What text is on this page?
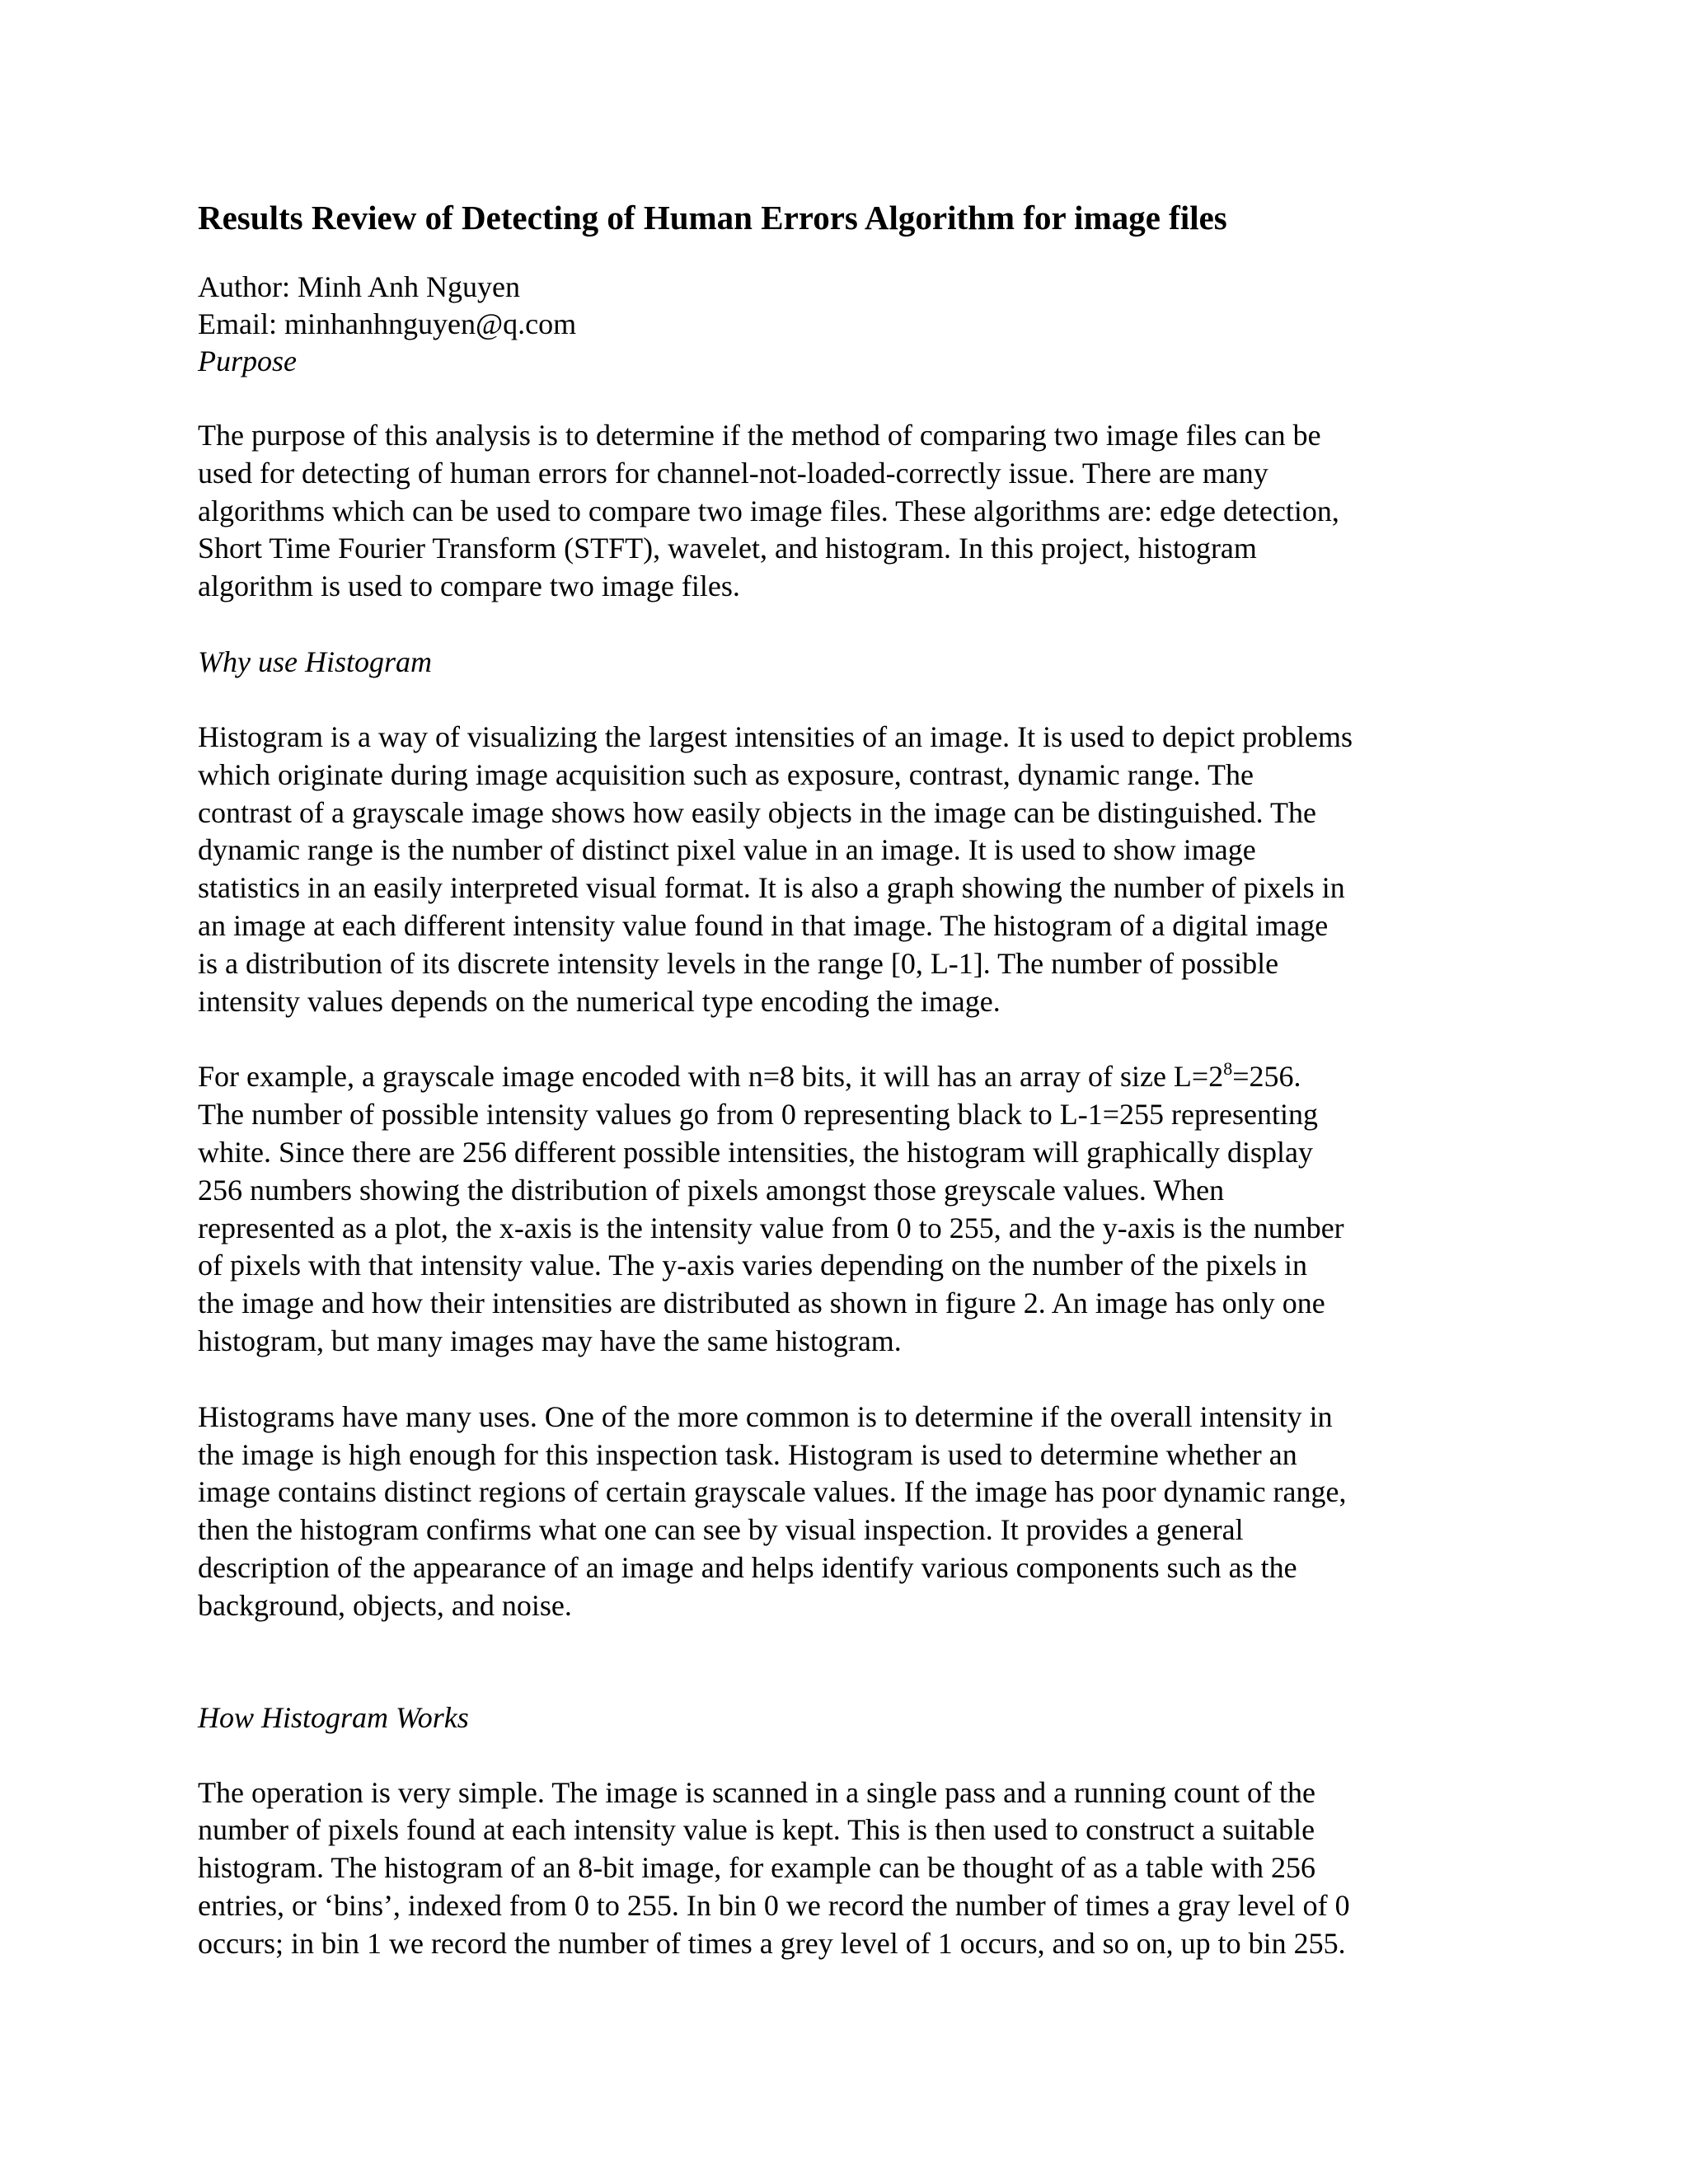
Results Review of Detecting of Human Errors Algorithm for image files

Author: Minh Anh Nguyen

Email: minhanhnguyen@q.com

Purpose

The purpose of this analysis is to determine if the method of comparing two image files can be
used for detecting of human errors for channel-not-loaded-correctly issue. There are many
algorithms which can be used to compare two image files. These algorithms are: edge detection,
Short Time Fourier Transform (STFT), wavelet, and histogram. In this project, histogram
algorithm is used to compare two image files.

Why use Histogram

Histogram is a way of visualizing the largest intensities of an image. It is used to depict problems
which originate during image acquisition such as exposure, contrast, dynamic range. The
contrast of a grayscale image shows how easily objects in the image can be distinguished. The
dynamic range is the number of distinct pixel value in an image. It is used to show image
statistics in an easily interpreted visual format. It is also a graph showing the number of pixels in
an image at each different intensity value found in that image. The histogram of a digital image
is a distribution of its discrete intensity levels in the range [0, L-1]. The number of possible
intensity values depends on the numerical type encoding the image.
For example, a grayscale image encoded with n=8 bits, it will has an array of size $L=2^8=256$.
The number of possible intensity values go from 0 representing black to L-1=255 representing
white. Since there are 256 different possible intensities, the histogram will graphically display
256 numbers showing the distribution of pixels amongst those greyscale values. When
represented as a plot, the x-axis is the intensity value from 0 to 255, and the y-axis is the number
of pixels with that intensity value. The y-axis varies depending on the number of the pixels in
the image and how their intensities are distributed as shown in figure 2. An image has only one
histogram, but many images may have the same histogram.
Histograms have many uses. One of the more common is to determine if the overall intensity in
the image is high enough for this inspection task. Histogram is used to determine whether an
image contains distinct regions of certain grayscale values. If the image has poor dynamic range,
then the histogram confirms what one can see by visual inspection. It provides a general
description of the appearance of an image and helps identify various components such as the
background, objects, and noise.

How Histogram Works

The operation is very simple. The image is scanned in a single pass and a running count of the
number of pixels found at each intensity value is kept. This is then used to construct a suitable
histogram. The histogram of an 8-bit image, for example can be thought of as a table with 256
entries, or ‘bins’, indexed from 0 to 255. In bin 0 we record the number of times a gray level of 0
occurs; in bin 1 we record the number of times a grey level of 1 occurs, and so on, up to bin 255.
